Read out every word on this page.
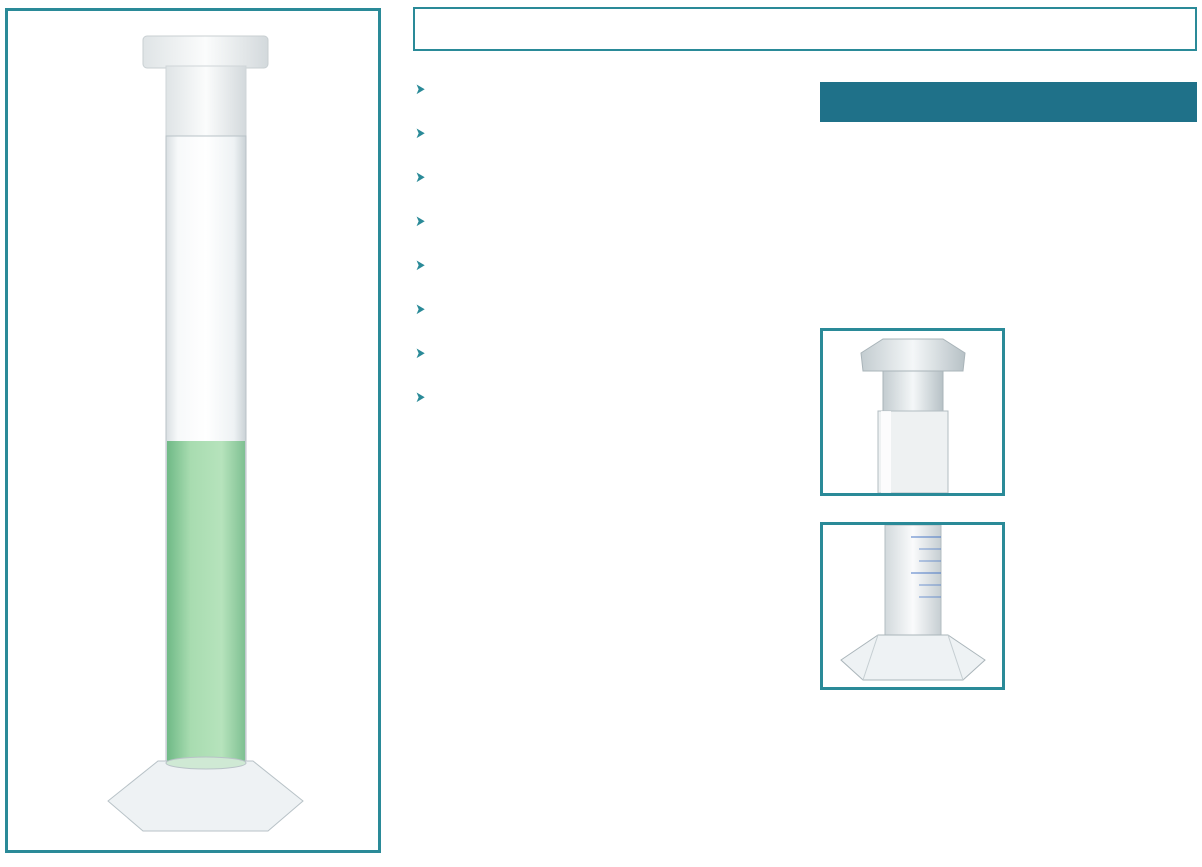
➤

➤

➤

➤

➤

➤

➤

➤
